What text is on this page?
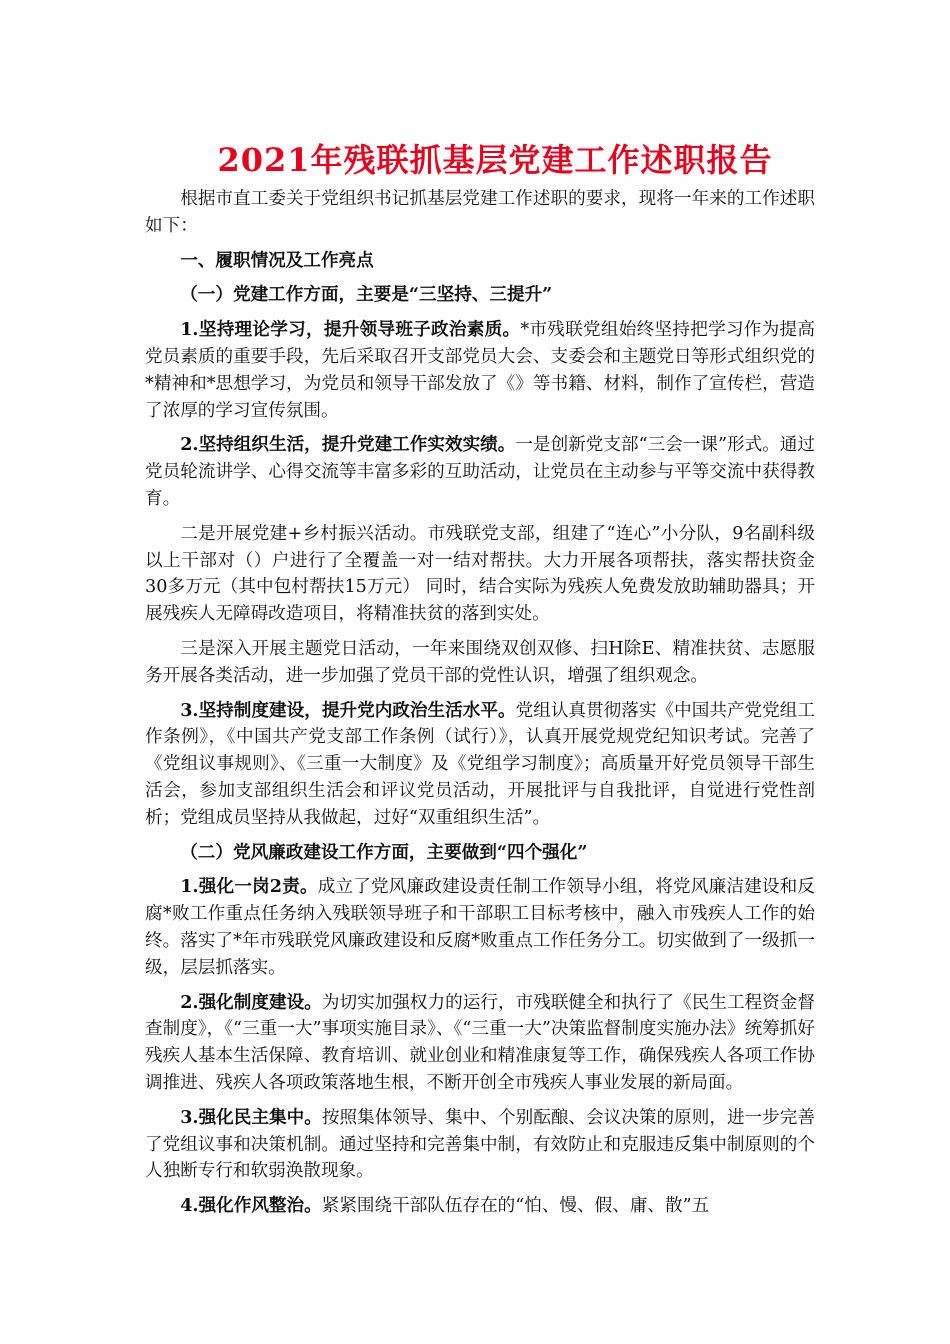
2021年残联抓基层党建工作述职报告

根据市直工委关于党组织书记抓基层党建工作述职的要求，现将一年来的工作述职如下：

一、履职情况及工作亮点

（一）党建工作方面，主要是“三坚持、三提升”

1.坚持理论学习，提升领导班子政治素质。*市残联党组始终坚持把学习作为提高党员素质的重要手段，先后采取召开支部党员大会、支委会和主题党日等形式组织党的*精神和*思想学习，为党员和领导干部发放了《》等书籍、材料，制作了宣传栏，营造了浓厚的学习宣传氛围。

2.坚持组织生活，提升党建工作实效实绩。一是创新党支部“三会一课”形式。通过党员轮流讲学、心得交流等丰富多彩的互助活动，让党员在主动参与平等交流中获得教育。

二是开展党建+乡村振兴活动。市残联党支部，组建了“连心”小分队，9名副科级以上干部对（）户进行了全覆盖一对一结对帮扶。大力开展各项帮扶，落实帮扶资金30多万元（其中包村帮扶15万元） 同时，结合实际为残疾人免费发放助辅助器具；开展残疾人无障碍改造项目，将精准扶贫的落到实处。

三是深入开展主题党日活动，一年来围绕双创双修、扫H除E、精准扶贫、志愿服务开展各类活动，进一步加强了党员干部的党性认识，增强了组织观念。

3.坚持制度建设，提升党内政治生活水平。党组认真贯彻落实《中国共产党党组工作条例》，《中国共产党支部工作条例（试行）》，认真开展党规党纪知识考试。完善了《党组议事规则》、《三重一大制度》及《党组学习制度》；高质量开好党员领导干部生活会，参加支部组织生活会和评议党员活动，开展批评与自我批评，自觉进行党性剖析；党组成员坚持从我做起，过好“双重组织生活”。

（二）党风廉政建设工作方面，主要做到“四个强化”

1.强化一岗2责。成立了党风廉政建设责任制工作领导小组，将党风廉洁建设和反腐*败工作重点任务纳入残联领导班子和干部职工目标考核中，融入市残疾人工作的始终。落实了*年市残联党风廉政建设和反腐*败重点工作任务分工。切实做到了一级抓一级，层层抓落实。

2.强化制度建设。为切实加强权力的运行，市残联健全和执行了《民生工程资金督查制度》，《“三重一大”事项实施目录》、《“三重一大”决策监督制度实施办法》统筹抓好残疾人基本生活保障、教育培训、就业创业和精准康复等工作，确保残疾人各项工作协调推进、残疾人各项政策落地生根，不断开创全市残疾人事业发展的新局面。

3.强化民主集中。按照集体领导、集中、个别酝酿、会议决策的原则，进一步完善了党组议事和决策机制。通过坚持和完善集中制，有效防止和克服违反集中制原则的个人独断专行和软弱涣散现象。

4.强化作风整治。紧紧围绕干部队伍存在的“怕、慢、假、庸、散”五
